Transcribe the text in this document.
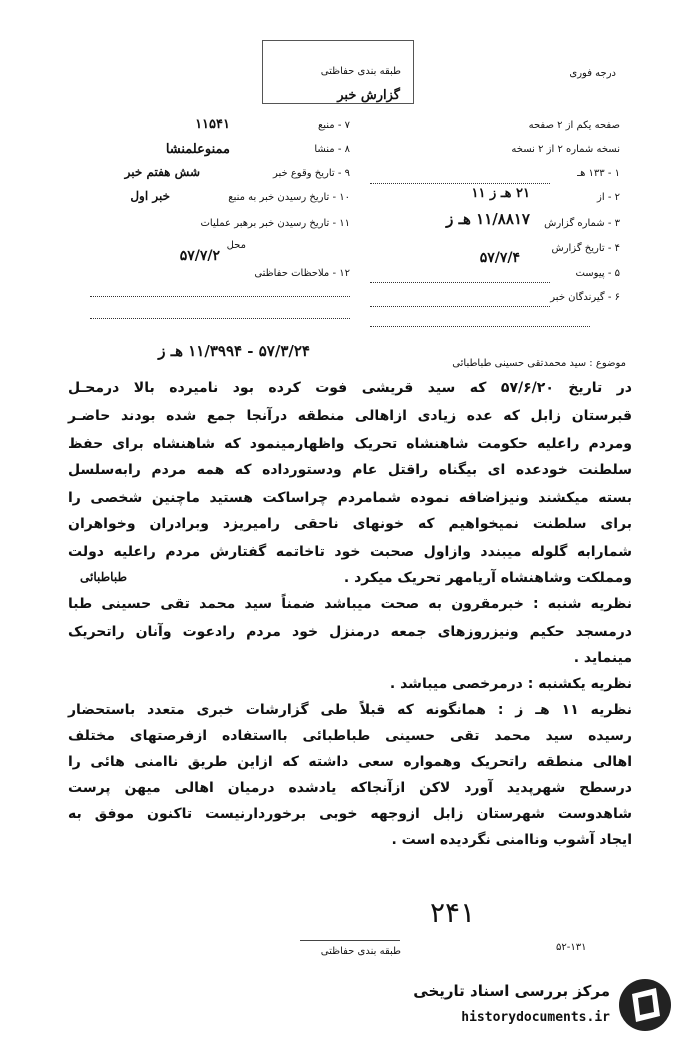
درجه فوری
طبقه بندی حفاظتی
گزارش خبر
صفحه یکم از ۲ صفحه
نسخه شماره ۲ از ۲ نسخه
۱ - ۱۳۳ هـ
۲ - از
۲۱ هـ ز ۱۱
۳ - شماره گزارش
۱۱/۸۸۱۷ هـ ز
۴ - تاریخ گزارش
۵۷/۷/۴
۵ - پیوست
۶ - گیرندگان خبر
۷ - منبع
۱۱۵۴۱
۸ - منشا
ممنوعلمنشا
۹ - تاریخ وقوع خبر
شش هفتم خبر
۱۰ - تاریخ رسیدن خبر به منبع
خبر اول
۱۱ - تاریخ رسیدن خبر برهبر عملیات
محل
۵۷/۷/۲
۱۲ - ملاحظات حفاظتی
موضوع : سید محمدتقی حسینی طباطبائی
۵۷/۳/۲۴ - ۱۱/۳۹۹۴ هـ ز
در تاریخ ۵۷/۶/۲۰ که سید قریشی فوت کرده بود ناميرده بالا درمحـل
قبرستان زابل که عده زیادی ازاهالی منطقه درآنجا جمع شده بودند حاضـر
ومردم راعلیه حکومت شاهنشاه تحریک واظهارمینمود که شاهنشاه برای حفظ
سلطنت خودعده ای بیگناه راقتل عام ودستورداده که همه مردم رابه‌سلسل
بسته میکشند ونیزاضافه نموده شمامردم چراساکت هستید ماچنین شخصی را
برای سلطنت نمیخواهیم که خونهای ناحقی رامیریزد وبرادران وخواهران
شمارابه گلوله میبندد وازاول صحبت خود تاخاتمه گفتارش مردم راعلیه دولت
ومملکت وشاهنشاه آریامهر تحریک میکرد .
طباطبائی
نظریه شنبه : خبرمقرون به صحت میباشد ضمناً سید محمد تقی حسینی طبا
درمسجد حکیم ونیزروزهای جمعه درمنزل خود مردم رادعوت وآنان راتحریک
مینماید .
نظریه یکشنبه : درمرخصی میباشد .
نظریه ۱۱ هـ ز : همانگونه که قبلاً طی گزارشات خبری متعدد باستحضار
رسیده سید محمد تقی حسینی طباطبائی بااستفاده ازفرصتهای مختلف
اهالی منطقه راتحریک وهمواره سعی داشته که ازاین طریق ناامنی هائی را
درسطح شهرپدید آورد لاکن ازآنجاکه یادشده درمیان اهالی میهن پرست
شاهدوست شهرستان زابل ازوجهه خوبی برخوردارنیست تاکنون موفق به
ایجاد آشوب وناامنی نگردیده است .
۲۴۱
طبقه بندی حفاظتی	۵۲-۱۳۱
مرکز بررسی اسناد تاریخی
historydocuments.ir
